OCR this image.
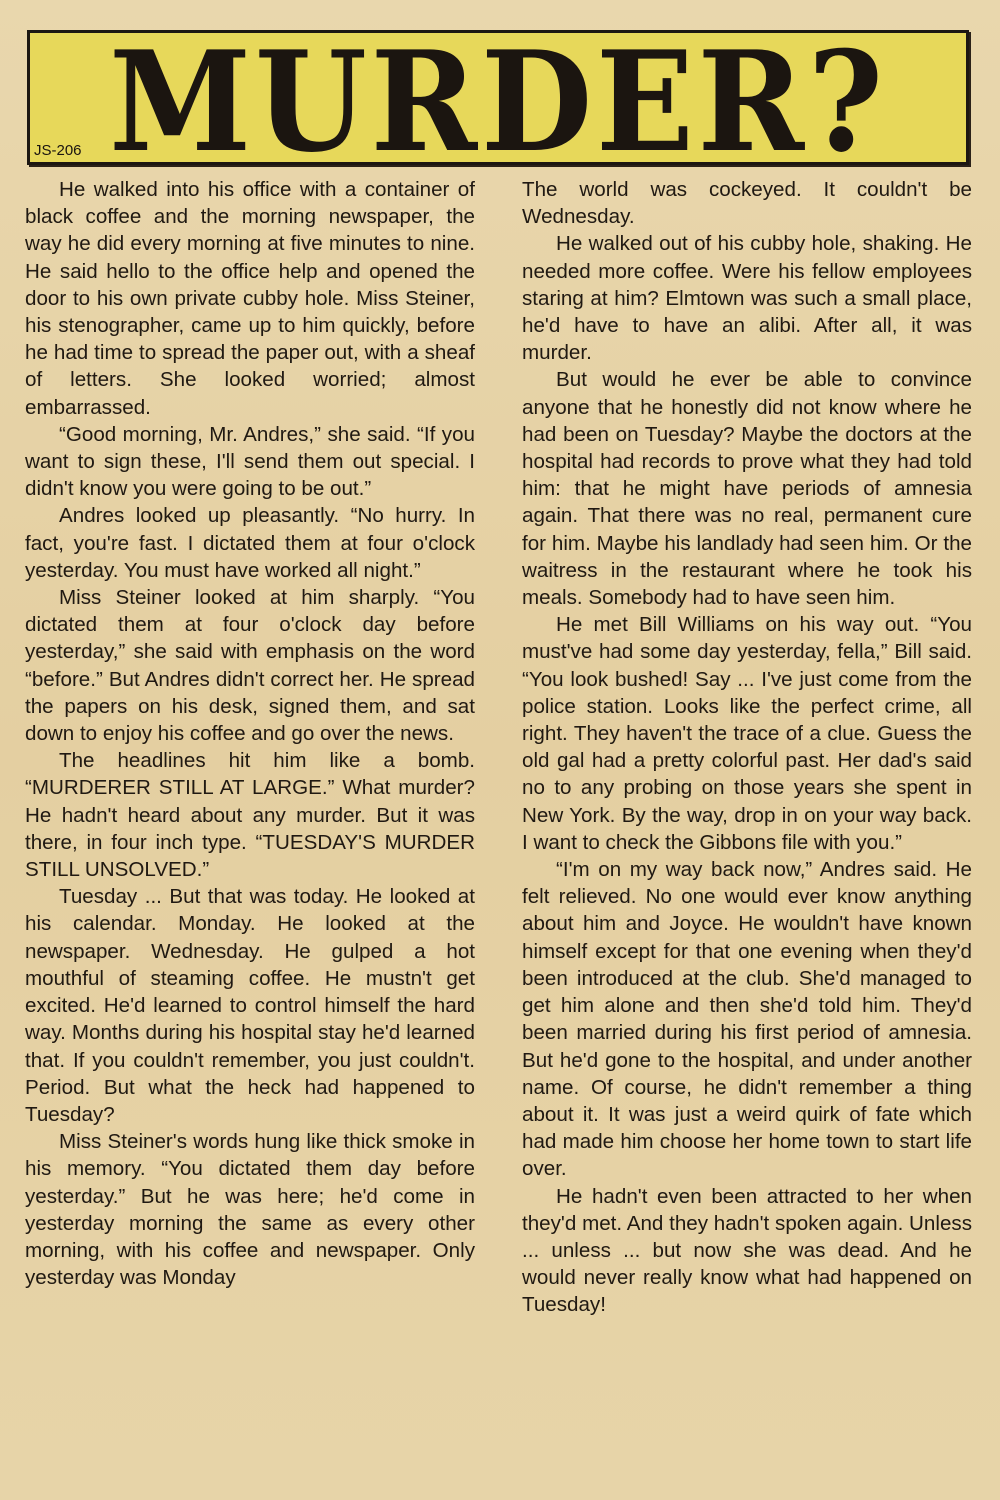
MURDER?
JS-206

He walked into his office with a container of black coffee and the morning newspaper, the way he did every morning at five minutes to nine. He said hello to the office help and opened the door to his own private cubby hole. Miss Steiner, his stenographer, came up to him quickly, before he had time to spread the paper out, with a sheaf of letters. She looked worried; almost embarrassed.

“Good morning, Mr. Andres,” she said. “If you want to sign these, I'll send them out special. I didn't know you were going to be out.”

Andres looked up pleasantly. “No hurry. In fact, you're fast. I dictated them at four o'clock yesterday. You must have worked all night.”

Miss Steiner looked at him sharply. “You dictated them at four o'clock day before yesterday,” she said with emphasis on the word “before.” But Andres didn't correct her. He spread the papers on his desk, signed them, and sat down to enjoy his coffee and go over the news.

The headlines hit him like a bomb. “MURDERER STILL AT LARGE.” What murder? He hadn't heard about any murder. But it was there, in four inch type. “TUESDAY'S MURDER STILL UNSOLVED.”

Tuesday ... But that was today. He looked at his calendar. Monday. He looked at the newspaper. Wednesday. He gulped a hot mouthful of steaming coffee. He mustn't get excited. He'd learned to control himself the hard way. Months during his hospital stay he'd learned that. If you couldn't remember, you just couldn't. Period. But what the heck had happened to Tuesday?

Miss Steiner's words hung like thick smoke in his memory. “You dictated them day before yesterday.” But he was here; he'd come in yesterday morning the same as every other morning, with his coffee and newspaper. Only yesterday was Monday

The world was cockeyed. It couldn't be Wednesday.

He walked out of his cubby hole, shaking. He needed more coffee. Were his fellow employees staring at him? Elmtown was such a small place, he'd have to have an alibi. After all, it was murder.

But would he ever be able to convince anyone that he honestly did not know where he had been on Tuesday? Maybe the doctors at the hospital had records to prove what they had told him: that he might have periods of amnesia again. That there was no real, permanent cure for him. Maybe his landlady had seen him. Or the waitress in the restaurant where he took his meals. Somebody had to have seen him.

He met Bill Williams on his way out. “You must've had some day yesterday, fella,” Bill said. “You look bushed! Say ... I've just come from the police station. Looks like the perfect crime, all right. They haven't the trace of a clue. Guess the old gal had a pretty colorful past. Her dad's said no to any probing on those years she spent in New York. By the way, drop in on your way back. I want to check the Gibbons file with you.”

“I'm on my way back now,” Andres said. He felt relieved. No one would ever know anything about him and Joyce. He wouldn't have known himself except for that one evening when they'd been introduced at the club. She'd managed to get him alone and then she'd told him. They'd been married during his first period of amnesia. But he'd gone to the hospital, and under another name. Of course, he didn't remember a thing about it. It was just a weird quirk of fate which had made him choose her home town to start life over.

He hadn't even been attracted to her when they'd met. And they hadn't spoken again. Unless ... unless ... but now she was dead. And he would never really know what had happened on Tuesday!
